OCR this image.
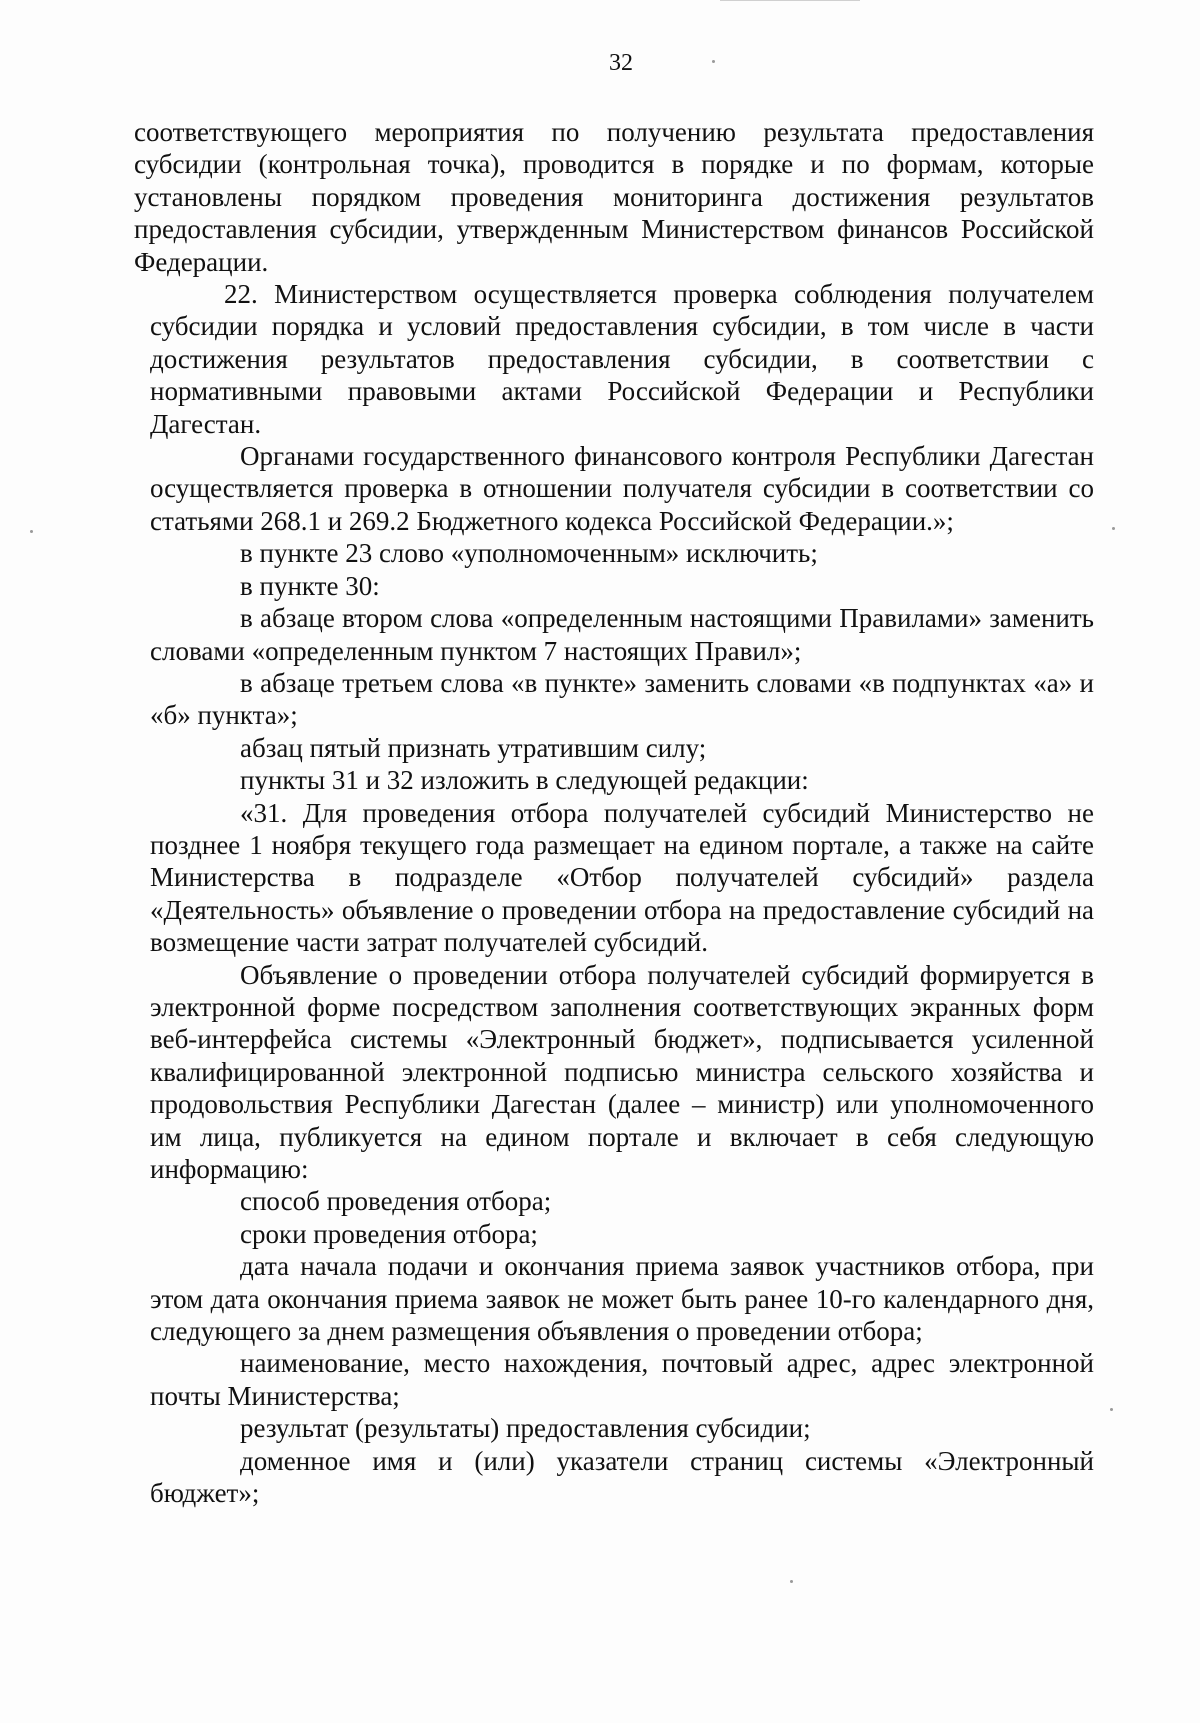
32

соответствующего мероприятия по получению результата предоставления субсидии (контрольная точка), проводится в порядке и по формам, которые установлены порядком проведения мониторинга достижения результатов предоставления субсидии, утвержденным Министерством финансов Российской Федерации.

22. Министерством осуществляется проверка соблюдения получателем субсидии порядка и условий предоставления субсидии, в том числе в части достижения результатов предоставления субсидии, в соответствии с нормативными правовыми актами Российской Федерации и Республики Дагестан.

Органами государственного финансового контроля Республики Дагестан осуществляется проверка в отношении получателя субсидии в соответствии со статьями 268.1 и 269.2 Бюджетного кодекса Российской Федерации.»;

в пункте 23 слово «уполномоченным» исключить;

в пункте 30:

в абзаце втором слова «определенным настоящими Правилами» заменить словами «определенным пунктом 7 настоящих Правил»;

в абзаце третьем слова «в пункте» заменить словами «в подпунктах «а» и «б» пункта»;

абзац пятый признать утратившим силу;

пункты 31 и 32 изложить в следующей редакции:

«31. Для проведения отбора получателей субсидий Министерство не позднее 1 ноября текущего года размещает на едином портале, а также на сайте Министерства в подразделе «Отбор получателей субсидий» раздела «Деятельность» объявление о проведении отбора на предоставление субсидий на возмещение части затрат получателей субсидий.

Объявление о проведении отбора получателей субсидий формируется в электронной форме посредством заполнения соответствующих экранных форм веб-интерфейса системы «Электронный бюджет», подписывается усиленной квалифицированной электронной подписью министра сельского хозяйства и продовольствия Республики Дагестан (далее – министр) или уполномоченного им лица, публикуется на едином портале и включает в себя следующую информацию:

способ проведения отбора;

сроки проведения отбора;

дата начала подачи и окончания приема заявок участников отбора, при этом дата окончания приема заявок не может быть ранее 10-го календарного дня, следующего за днем размещения объявления о проведении отбора;

наименование, место нахождения, почтовый адрес, адрес электронной почты Министерства;

результат (результаты) предоставления субсидии;

доменное имя и (или) указатели страниц системы «Электронный бюджет»;
